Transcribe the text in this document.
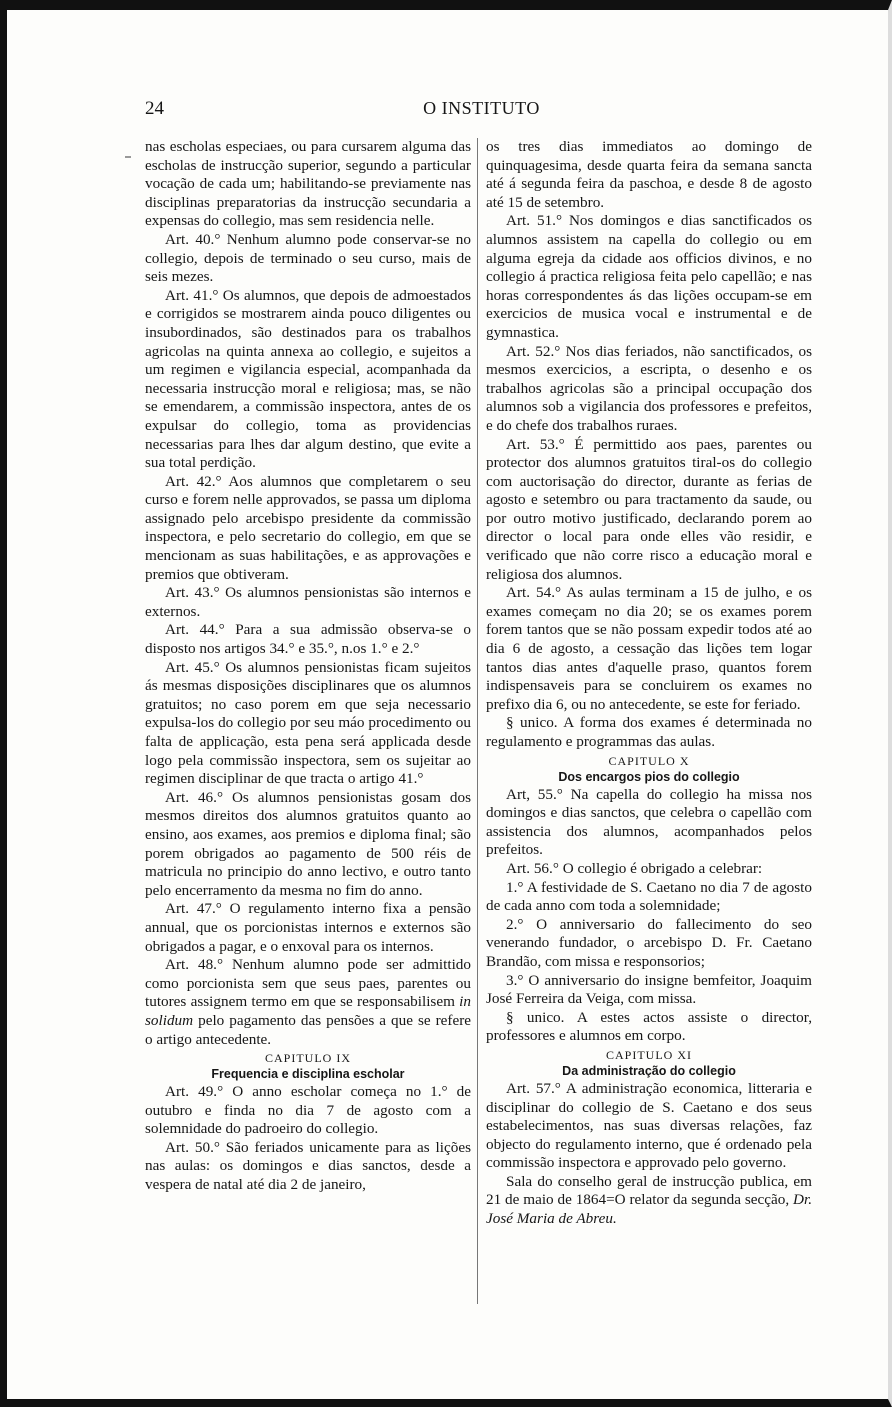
24	O INSTITUTO

nas escholas especiaes, ou para cursarem alguma das escholas de instrucção superior, segundo a particular vocação de cada um; habilitando-se previamente nas disciplinas preparatorias da instrucção secundaria a expensas do collegio, mas sem residencia nelle.

Art. 40.° Nenhum alumno pode conservar-se no collegio, depois de terminado o seu curso, mais de seis mezes.

Art. 41.° Os alumnos, que depois de admoestados e corrigidos se mostrarem ainda pouco diligentes ou insubordinados, são destinados para os trabalhos agricolas na quinta annexa ao collegio, e sujeitos a um regimen e vigilancia especial, acompanhada da necessaria instrucção moral e religiosa; mas, se não se emendarem, a commissão inspectora, antes de os expulsar do collegio, toma as providencias necessarias para lhes dar algum destino, que evite a sua total perdição.

Art. 42.° Aos alumnos que completarem o seu curso e forem nelle approvados, se passa um diploma assignado pelo arcebispo presidente da commissão inspectora, e pelo secretario do collegio, em que se mencionam as suas habilitações, e as approvações e premios que obtiveram.

Art. 43.° Os alumnos pensionistas são internos e externos.

Art. 44.° Para a sua admissão observa-se o disposto nos artigos 34.° e 35.°, n.os 1.° e 2.°

Art. 45.° Os alumnos pensionistas ficam sujeitos ás mesmas disposições disciplinares que os alumnos gratuitos; no caso porem em que seja necessario expulsa-los do collegio por seu máo procedimento ou falta de applicação, esta pena será applicada desde logo pela commissão inspectora, sem os sujeitar ao regimen disciplinar de que tracta o artigo 41.°

Art. 46.° Os alumnos pensionistas gosam dos mesmos direitos dos alumnos gratuitos quanto ao ensino, aos exames, aos premios e diploma final; são porem obrigados ao pagamento de 500 réis de matricula no principio do anno lectivo, e outro tanto pelo encerramento da mesma no fim do anno.

Art. 47.° O regulamento interno fixa a pensão annual, que os porcionistas internos e externos são obrigados a pagar, e o enxoval para os internos.

Art. 48.° Nenhum alumno pode ser admittido como porcionista sem que seus paes, parentes ou tutores assignem termo em que se responsabilisem in solidum pelo pagamento das pensões a que se refere o artigo antecedente.

CAPITULO IX
Frequencia e disciplina escholar

Art. 49.° O anno escholar começa no 1.° de outubro e finda no dia 7 de agosto com a solemnidade do padroeiro do collegio.

Art. 50.° São feriados unicamente para as lições nas aulas: os domingos e dias sanctos, desde a vespera de natal até dia 2 de janeiro,

os tres dias immediatos ao domingo de quinquagesima, desde quarta feira da semana sancta até á segunda feira da paschoa, e desde 8 de agosto até 15 de setembro.

Art. 51.° Nos domingos e dias sanctificados os alumnos assistem na capella do collegio ou em alguma egreja da cidade aos officios divinos, e no collegio á practica religiosa feita pelo capellão; e nas horas correspondentes ás das lições occupam-se em exercicios de musica vocal e instrumental e de gymnastica.

Art. 52.° Nos dias feriados, não sanctificados, os mesmos exercicios, a escripta, o desenho e os trabalhos agricolas são a principal occupação dos alumnos sob a vigilancia dos professores e prefeitos, e do chefe dos trabalhos ruraes.

Art. 53.° É permittido aos paes, parentes ou protector dos alumnos gratuitos tiral-os do collegio com auctorisação do director, durante as ferias de agosto e setembro ou para tractamento da saude, ou por outro motivo justificado, declarando porem ao director o local para onde elles vão residir, e verificado que não corre risco a educação moral e religiosa dos alumnos.

Art. 54.° As aulas terminam a 15 de julho, e os exames começam no dia 20; se os exames porem forem tantos que se não possam expedir todos até ao dia 6 de agosto, a cessação das lições tem logar tantos dias antes d'aquelle praso, quantos forem indispensaveis para se concluirem os exames no prefixo dia 6, ou no antecedente, se este for feriado.

§ unico. A forma dos exames é determinada no regulamento e programmas das aulas.

CAPITULO X
Dos encargos pios do collegio

Art, 55.° Na capella do collegio ha missa nos domingos e dias sanctos, que celebra o capellão com assistencia dos alumnos, acompanhados pelos prefeitos.

Art. 56.° O collegio é obrigado a celebrar:

1.° A festividade de S. Caetano no dia 7 de agosto de cada anno com toda a solemnidade;

2.° O anniversario do fallecimento do seo venerando fundador, o arcebispo D. Fr. Caetano Brandão, com missa e responsorios;

3.° O anniversario do insigne bemfeitor, Joaquim José Ferreira da Veiga, com missa.

§ unico. A estes actos assiste o director, professores e alumnos em corpo.

CAPITULO XI
Da administração do collegio

Art. 57.° A administração economica, litteraria e disciplinar do collegio de S. Caetano e dos seus estabelecimentos, nas suas diversas relações, faz objecto do regulamento interno, que é ordenado pela commissão inspectora e approvado pelo governo.

Sala do conselho geral de instrucção publica, em 21 de maio de 1864=O relator da segunda secção, Dr. José Maria de Abreu.
